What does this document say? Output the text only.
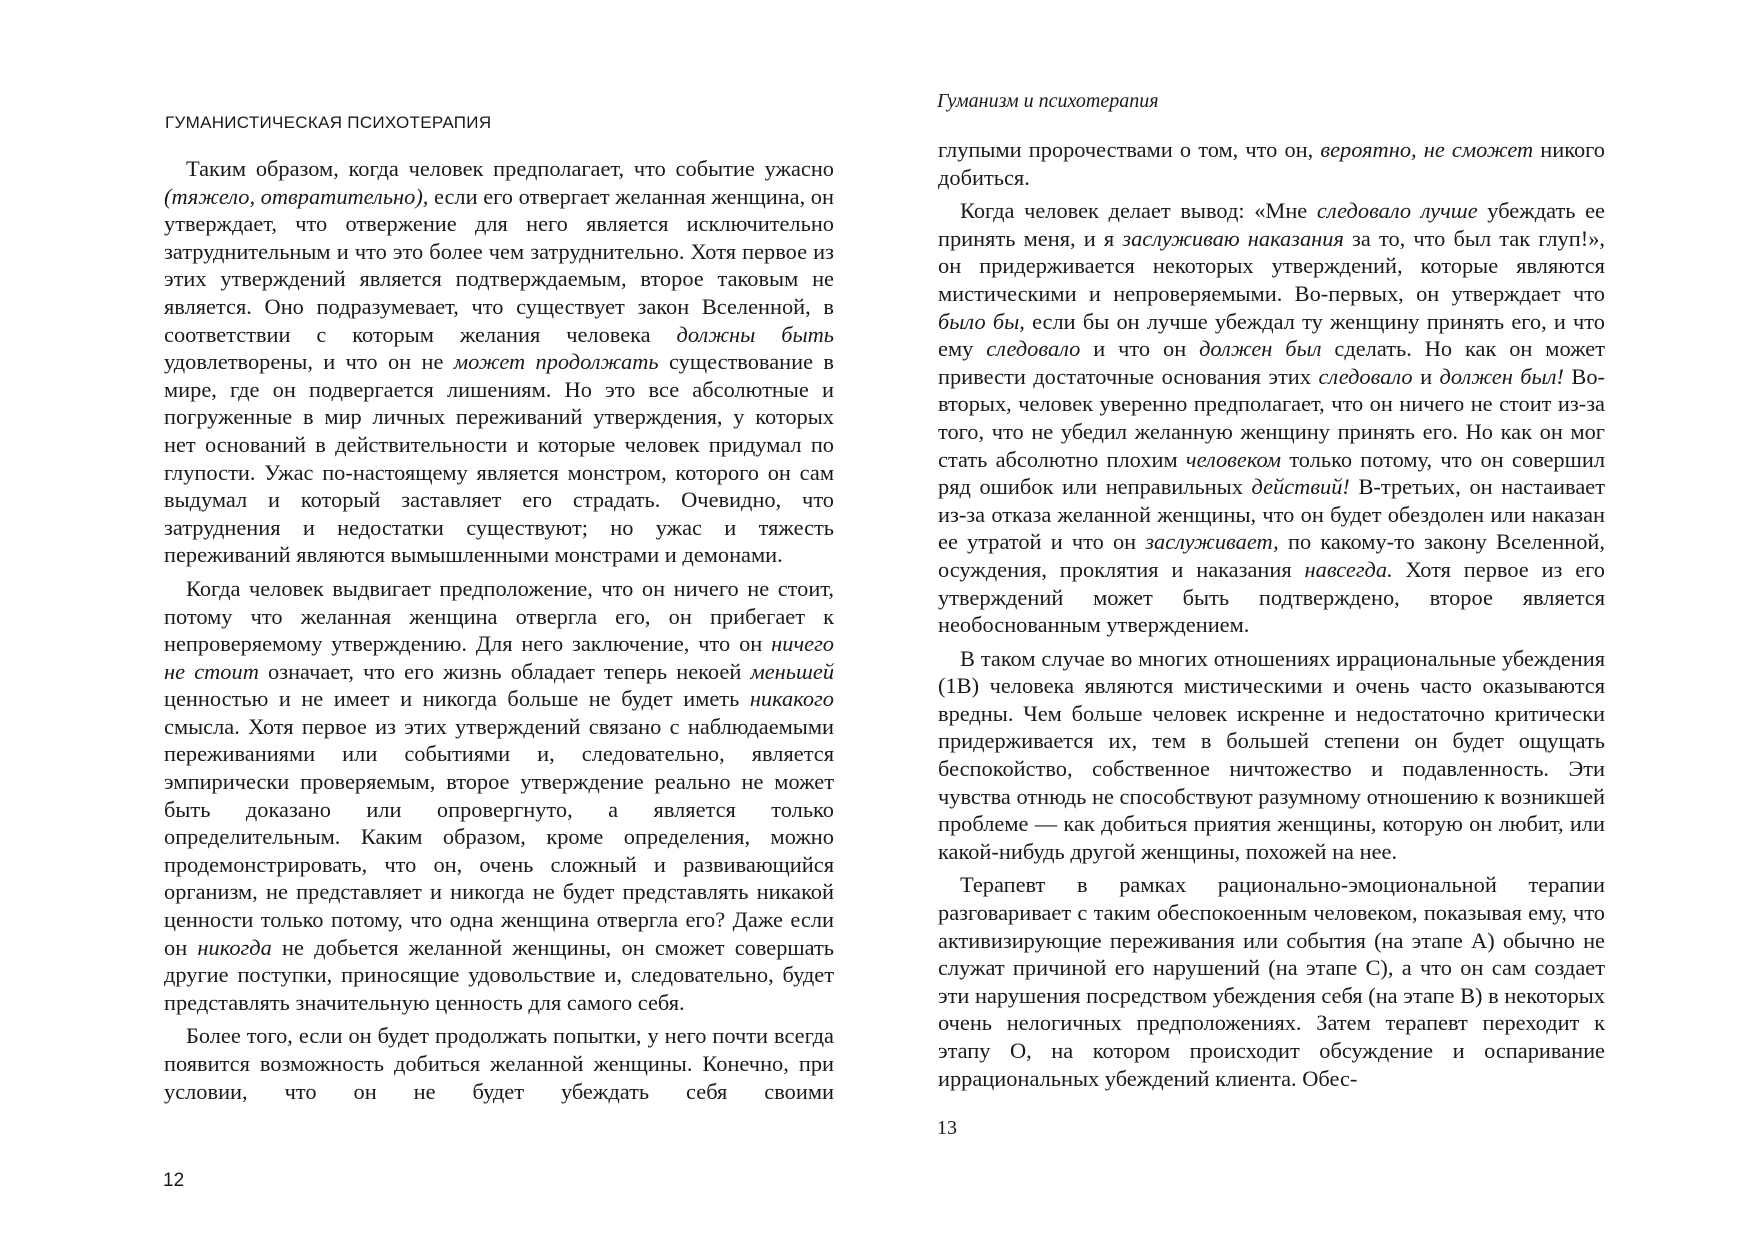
ГУМАНИСТИЧЕСКАЯ ПСИХОТЕРАПИЯ

Таким образом, когда человек предполагает, что событие ужасно (тяжело, отвратительно), если его отвергает желанная женщина, он утверждает, что отвержение для него является исключительно затруднительным и что это более чем затруднительно. Хотя первое из этих утверждений является подтверждаемым, второе таковым не является. Оно подразумевает, что существует закон Вселенной, в соответствии с которым желания человека должны быть удовлетворены, и что он не может продолжать существование в мире, где он подвергается лишениям. Но это все абсолютные и погруженные в мир личных переживаний утверждения, у которых нет оснований в действительности и которые человек придумал по глупости. Ужас по-настоящему является монстром, которого он сам выдумал и который заставляет его страдать. Очевидно, что затруднения и недостатки существуют; но ужас и тяжесть переживаний являются вымышленными монстрами и демонами.

Когда человек выдвигает предположение, что он ничего не стоит, потому что желанная женщина отвергла его, он прибегает к непроверяемому утверждению. Для него заключение, что он ничего не стоит означает, что его жизнь обладает теперь некоей меньшей ценностью и не имеет и никогда больше не будет иметь никакого смысла. Хотя первое из этих утверждений связано с наблюдаемыми переживаниями или событиями и, следовательно, является эмпирически проверяемым, второе утверждение реально не может быть доказано или опровергнуто, а является только определительным. Каким образом, кроме определения, можно продемонстрировать, что он, очень сложный и развивающийся организм, не представляет и никогда не будет представлять никакой ценности только потому, что одна женщина отвергла его? Даже если он никогда не добьется желанной женщины, он сможет совершать другие поступки, приносящие удовольствие и, следовательно, будет представлять значительную ценность для самого себя.

Более того, если он будет продолжать попытки, у него почти всегда появится возможность добиться желанной женщины. Конечно, при условии, что он не будет убеждать себя своими

12
Гуманизм и психотерапия

глупыми пророчествами о том, что он, вероятно, не сможет никого добиться.

Когда человек делает вывод: «Мне следовало лучше убеждать ее принять меня, и я заслуживаю наказания за то, что был так глуп!», он придерживается некоторых утверждений, которые являются мистическими и непроверяемыми. Во-первых, он утверждает что было бы, если бы он лучше убеждал ту женщину принять его, и что ему следовало и что он должен был сделать. Но как он может привести достаточные основания этих следовало и должен был! Во-вторых, человек уверенно предполагает, что он ничего не стоит из-за того, что не убедил желанную женщину принять его. Но как он мог стать абсолютно плохим человеком только потому, что он совершил ряд ошибок или неправильных действий! В-третьих, он настаивает из-за отказа желанной женщины, что он будет обездолен или наказан ее утратой и что он заслуживает, по какому-то закону Вселенной, осуждения, проклятия и наказания навсегда. Хотя первое из его утверждений может быть подтверждено, второе является необоснованным утверждением.

В таком случае во многих отношениях иррациональные убеждения (1В) человека являются мистическими и очень часто оказываются вредны. Чем больше человек искренне и недостаточно критически придерживается их, тем в большей степени он будет ощущать беспокойство, собственное ничтожество и подавленность. Эти чувства отнюдь не способствуют разумному отношению к возникшей проблеме — как добиться приятия женщины, которую он любит, или какой-нибудь другой женщины, похожей на нее.

Терапевт в рамках рационально-эмоциональной терапии разговаривает с таким обеспокоенным человеком, показывая ему, что активизирующие переживания или события (на этапе А) обычно не служат причиной его нарушений (на этапе С), а что он сам создает эти нарушения посредством убеждения себя (на этапе В) в некоторых очень нелогичных предположениях. Затем терапевт переходит к этапу О, на котором происходит обсуждение и оспаривание иррациональных убеждений клиента. Обес-

13
